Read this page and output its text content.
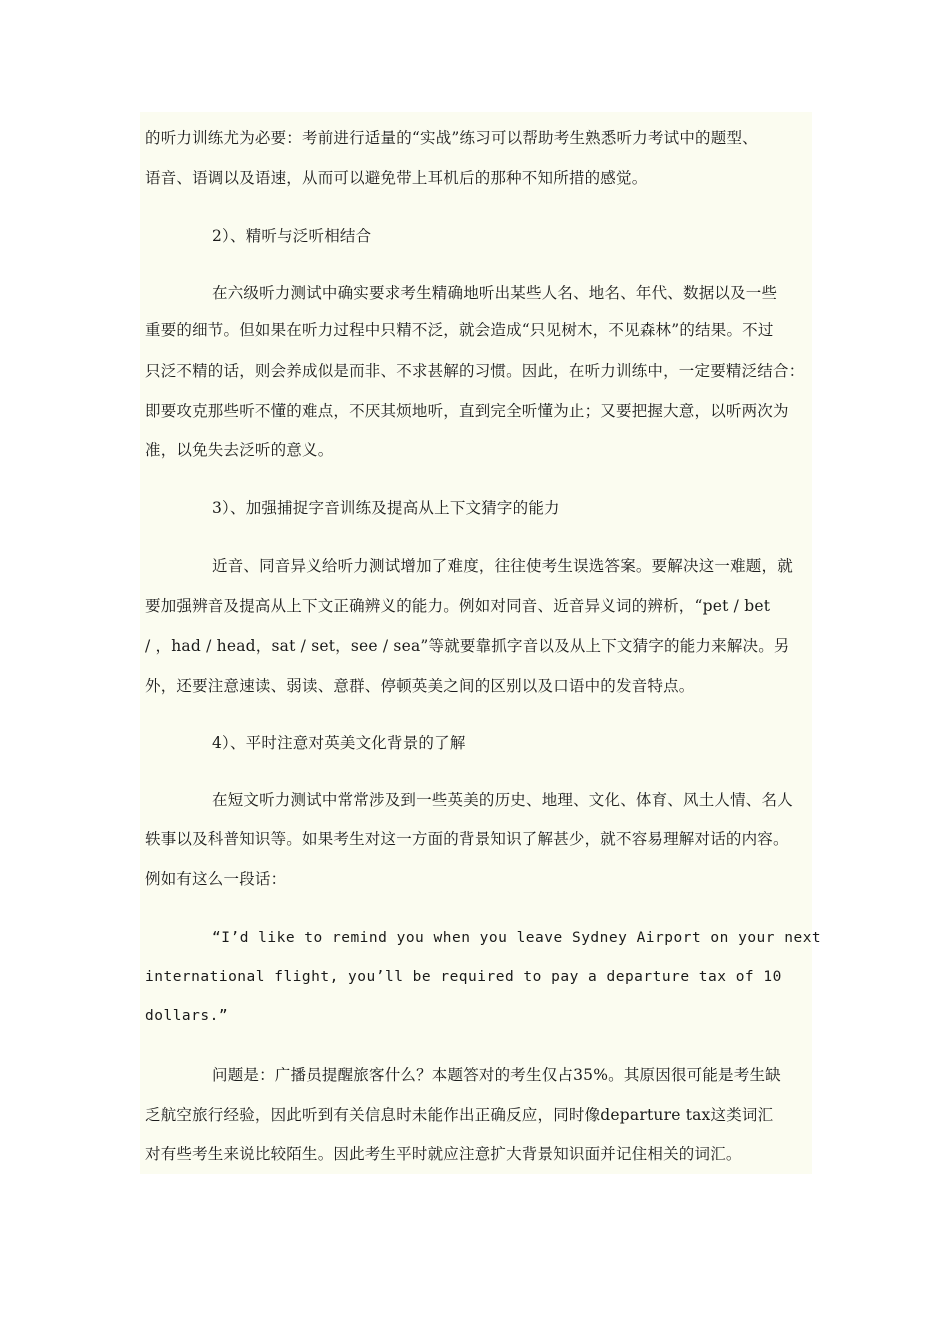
的听力训练尤为必要：考前进行适量的“实战”练习可以帮助考生熟悉听力考试中的题型、
语音、语调以及语速，从而可以避免带上耳机后的那种不知所措的感觉。
2）、精听与泛听相结合
在六级听力测试中确实要求考生精确地听出某些人名、地名、年代、数据以及一些
重要的细节。但如果在听力过程中只精不泛，就会造成“只见树木，不见森林”的结果。不过
只泛不精的话，则会养成似是而非、不求甚解的习惯。因此，在听力训练中，一定要精泛结合：
即要攻克那些听不懂的难点，不厌其烦地听，直到完全听懂为止；又要把握大意，以听两次为
准，以免失去泛听的意义。
3）、加强捕捉字音训练及提高从上下文猜字的能力
近音、同音异义给听力测试增加了难度，往往使考生误选答案。要解决这一难题，就
要加强辨音及提高从上下文正确辨义的能力。例如对同音、近音异义词的辨析，“pet / bet
/ ，had / head，sat / set，see / sea”等就要靠抓字音以及从上下文猜字的能力来解决。另
外，还要注意速读、弱读、意群、停顿英美之间的区别以及口语中的发音特点。
4）、平时注意对英美文化背景的了解
在短文听力测试中常常涉及到一些英美的历史、地理、文化、体育、风土人情、名人
轶事以及科普知识等。如果考生对这一方面的背景知识了解甚少，就不容易理解对话的内容。
例如有这么一段话：
“I’d like to remind you when you leave Sydney Airport on your next
international flight, you’ll be required to pay a departure tax of 10
dollars.”
问题是：广播员提醒旅客什么？本题答对的考生仅占35%。其原因很可能是考生缺
乏航空旅行经验，因此听到有关信息时未能作出正确反应，同时像departure tax这类词汇
对有些考生来说比较陌生。因此考生平时就应注意扩大背景知识面并记住相关的词汇。
